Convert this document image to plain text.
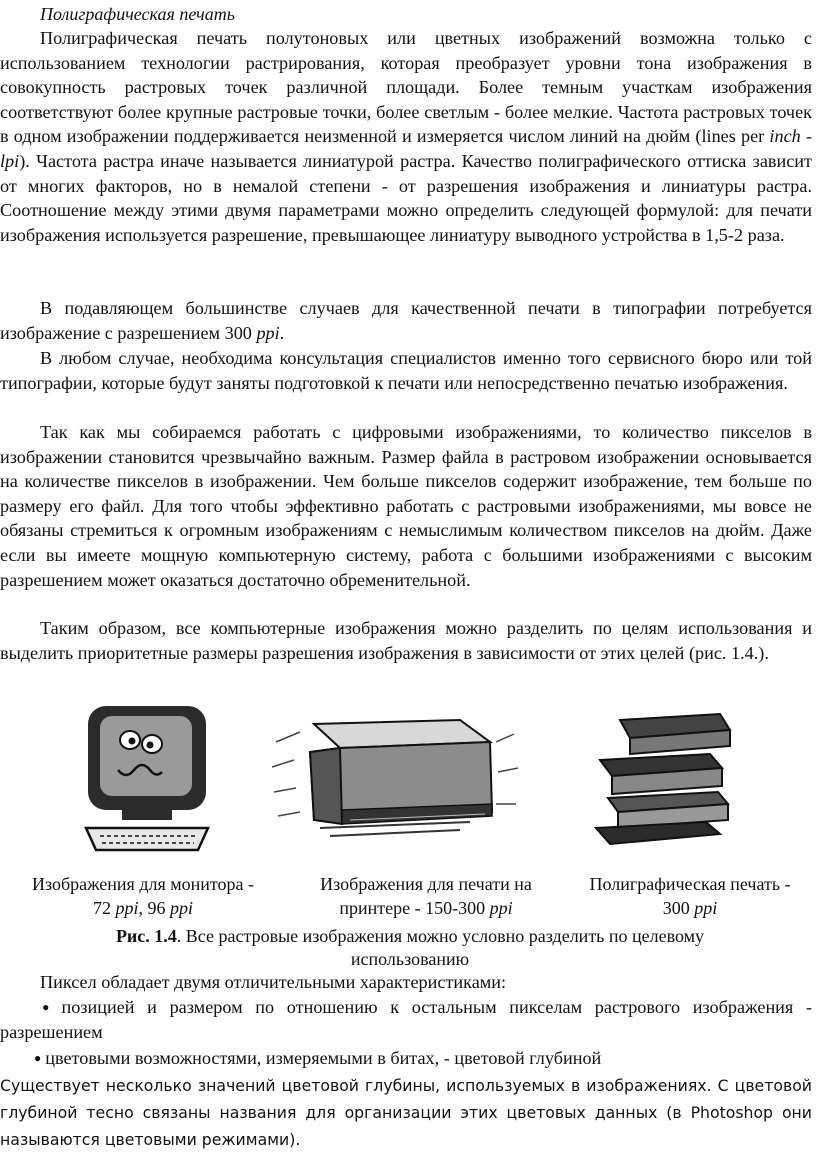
Полиграфическая печать

Полиграфическая печать полутоновых или цветных изображений возможна только с использованием технологии растрирования, которая преобразует уровни тона изображения в совокупность растровых точек различной площади. Более темным участкам изображения соответствуют более крупные растровые точки, более светлым - более мелкие. Частота растровых точек в одном изображении поддерживается неизменной и измеряется числом линий на дюйм (lines per inch - lpi). Частота растра иначе называется линиатурой растра. Качество полиграфического оттиска зависит от многих факторов, но в немалой степени - от разрешения изображения и линиатуры растра. Соотношение между этими двумя параметрами можно определить следующей формулой: для печати изображения используется разрешение, превышающее линиатуру выводного устройства в 1,5-2 раза.

В подавляющем большинстве случаев для качественной печати в типографии потребуется изображение с разрешением 300 ppi.

В любом случае, необходима консультация специалистов именно того сервисного бюро или той типографии, которые будут заняты подготовкой к печати или непосредственно печатью изображения.

Так как мы собираемся работать с цифровыми изображениями, то количество пикселов в изображении становится чрезвычайно важным. Размер файла в растровом изображении основывается на количестве пикселов в изображении. Чем больше пикселов содержит изображение, тем больше по размеру его файл. Для того чтобы эффективно работать с растровыми изображениями, мы вовсе не обязаны стремиться к огромным изображениям с немыслимым количеством пикселов на дюйм. Даже если вы имеете мощную компьютерную систему, работа с большими изображениями с высоким разрешением может оказаться достаточно обременительной.

Таким образом, все компьютерные изображения можно разделить по целям использования и выделить приоритетные размеры разрешения изображения в зависимости от этих целей (рис. 1.4.).

Изображения для монитора -
72 ppi, 96 ppi
Изображения для печати на
принтере - 150-300 ppi
Полиграфическая печать -
300 ppi
Рис. 1.4. Все растровые изображения можно условно разделить по целевому использованию

Пиксел обладает двумя отличительными характеристиками:

● позицией и размером по отношению к остальным пикселам растрового изображения - разрешением

● цветовыми возможностями, измеряемыми в битах, - цветовой глубиной

Существует несколько значений цветовой глубины, используемых в изображениях. С цветовой глубиной тесно связаны названия для организации этих цветовых данных (в Photoshop они называются цветовыми режимами).
